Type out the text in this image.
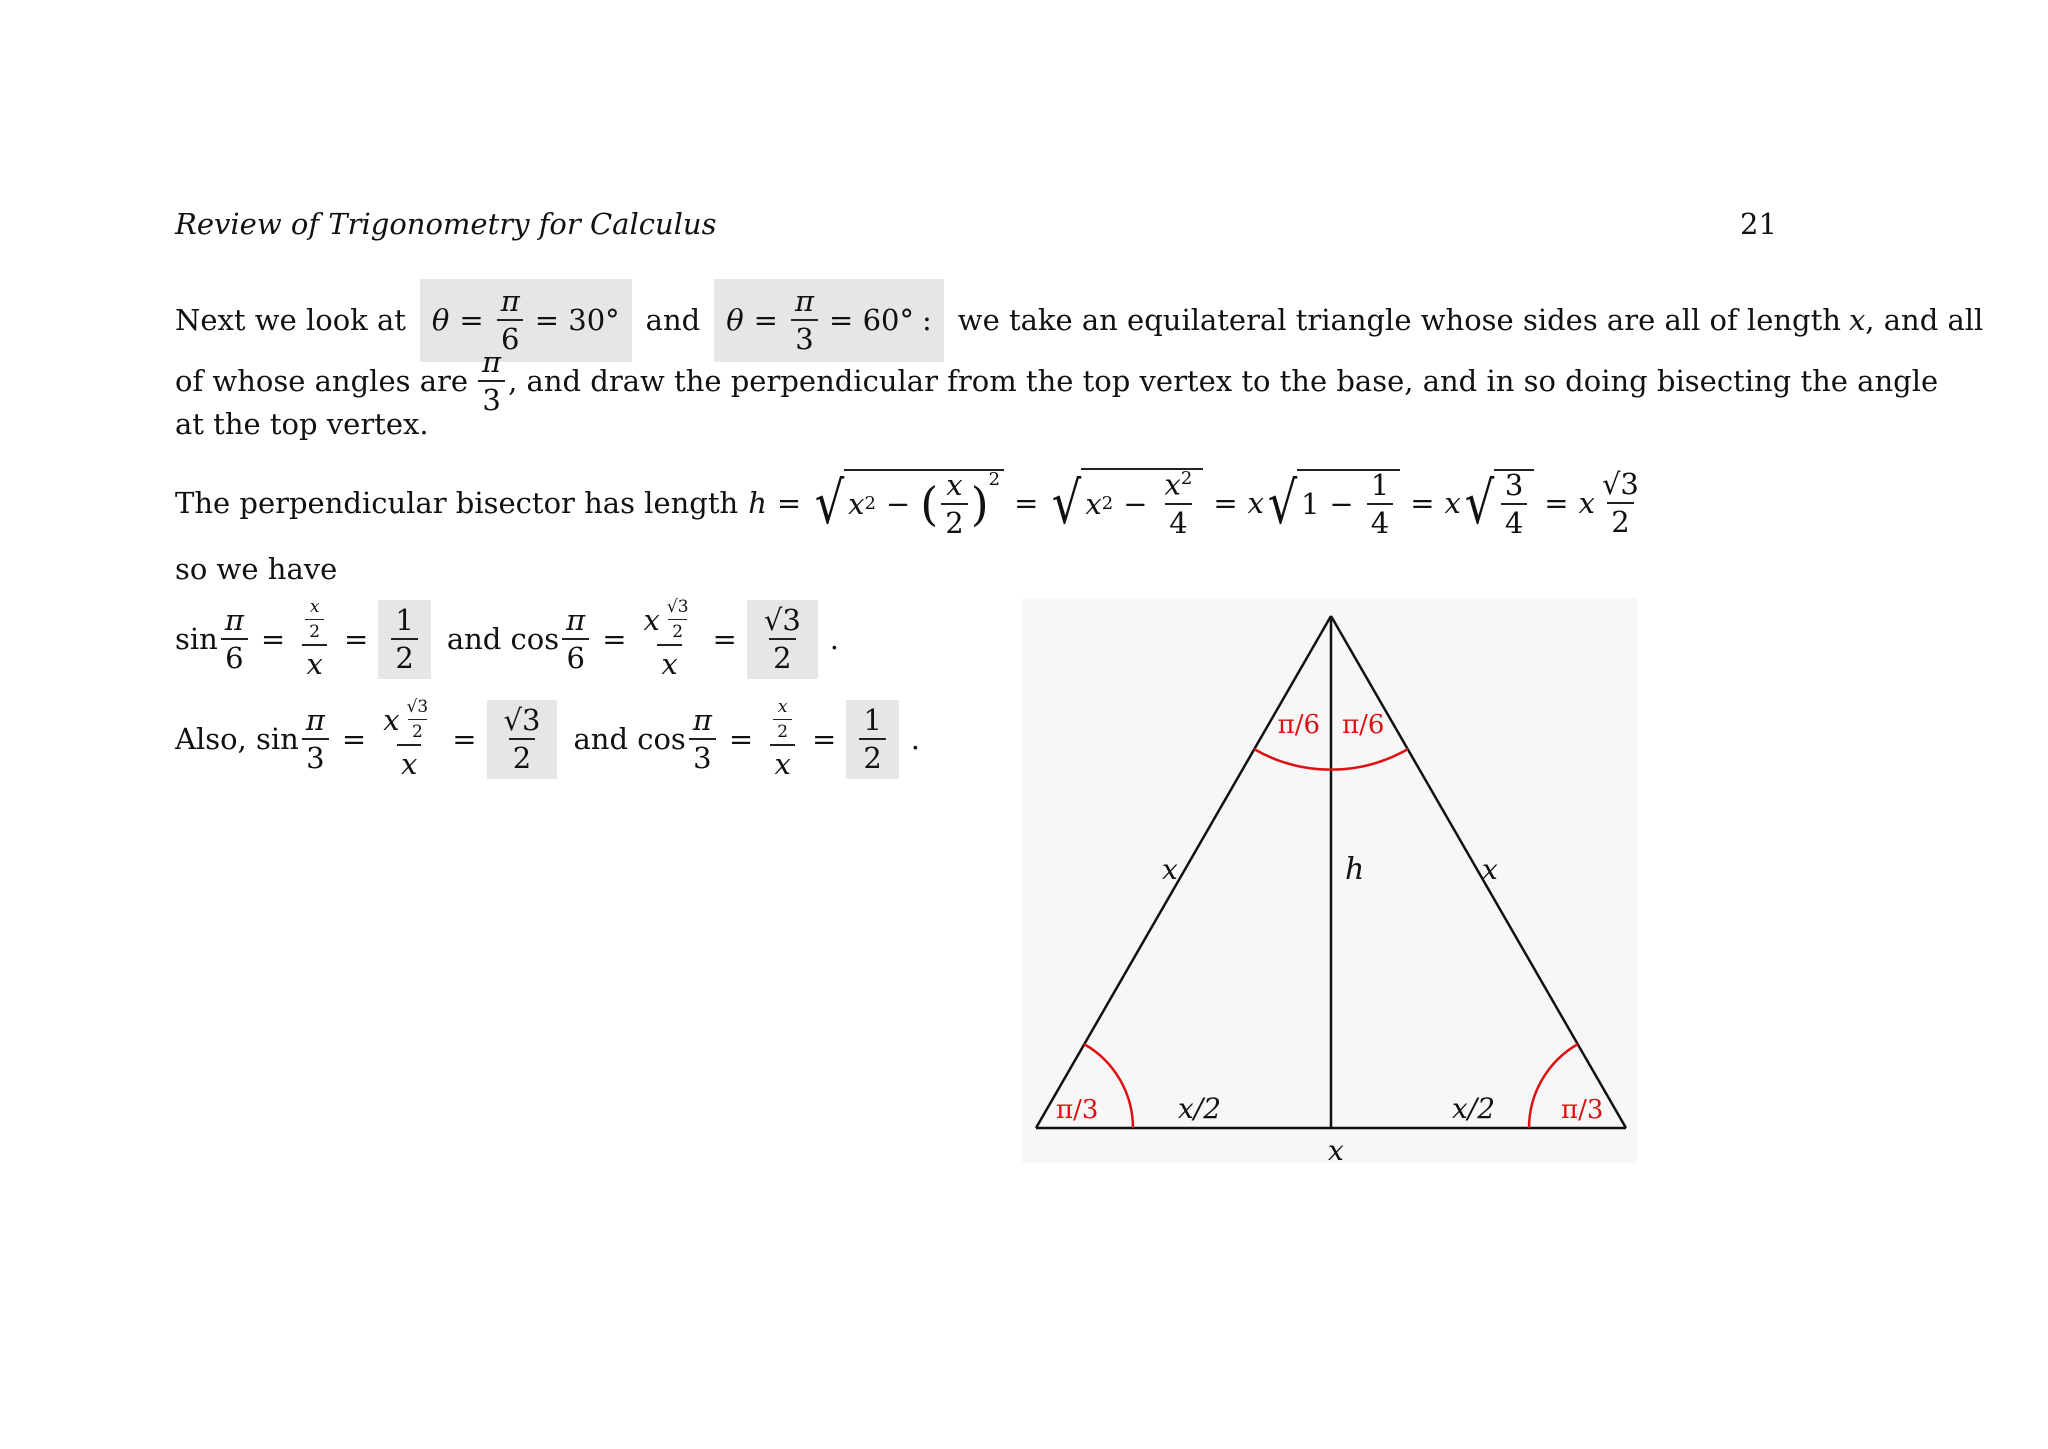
Review of Trigonometry for Calculus	21
Next we look at $\theta = \frac{\pi}{6} = 30^\circ$ and $\theta = \frac{\pi}{3} = 60^\circ$ : we take an equilateral triangle whose sides are all of length x , and all
of whose angles are $\frac{\pi}{3}$ , and draw the perpendicular from the top vertex to the base, and in so doing bisecting the angle
at the top vertex.
The perpendicular bisector has length h = √ x 2 − ( $\frac{x}{2}$ ) 2
= √ x $2 - \frac{x^2}{4} = x$ √ $1 - \frac{1}{4} = x$ √ $\frac{3}{4} = x \frac{√3}{2}$
so we have
$\sin \frac{\pi}{6} = \frac{\frac{x}{2}}{x} = \frac{1}{2}$ and $\cos \frac{\pi}{6} = \frac{x \frac{√3}{2}}{x} = \frac{√3}{2}$ .
Also, $\sin \frac{\pi}{3} = \frac{x \frac{√3}{2}}{x} = \frac{√3}{2}$ and $\cos \frac{\pi}{3} = \frac{\frac{x}{2}}{x} = \frac{1}{2}$ .	π/6 π/6
x	x
h
x/2	x/2
x
π/3	π/3
